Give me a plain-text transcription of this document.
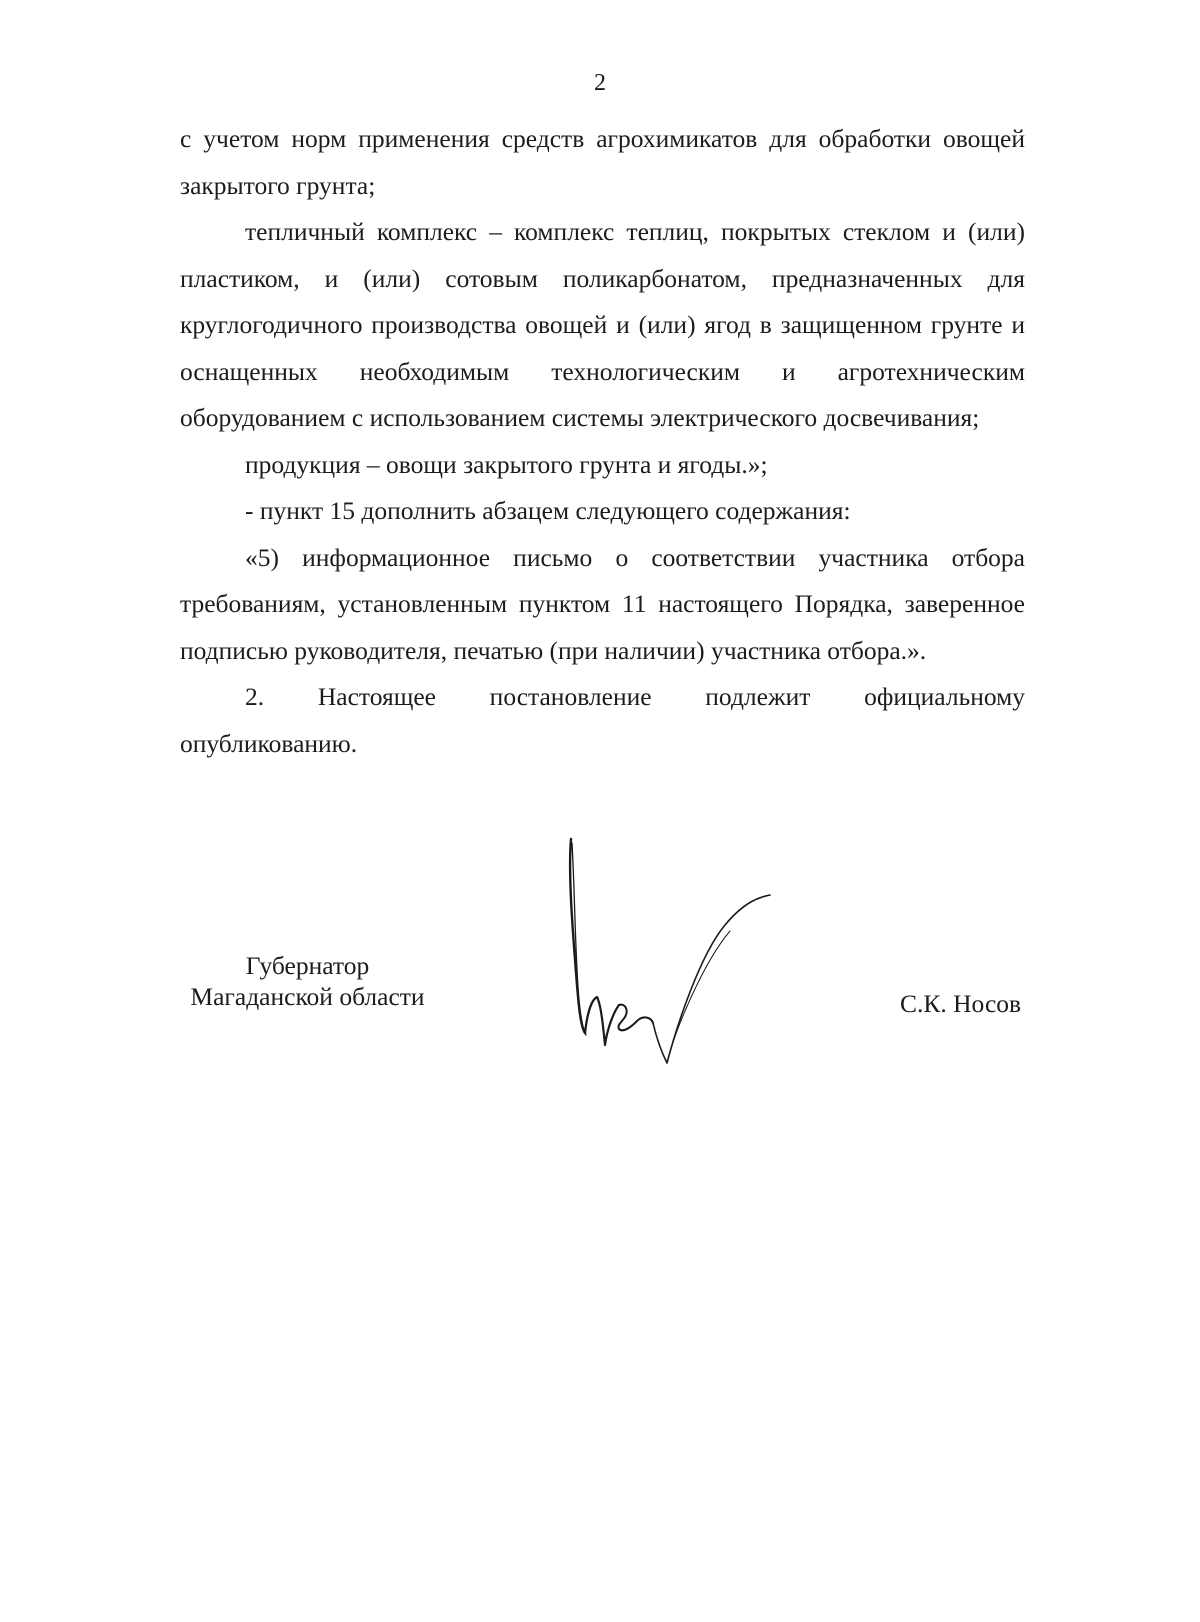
2

с учетом норм применения средств агрохимикатов для обработки овощей закрытого грунта;

тепличный комплекс – комплекс теплиц, покрытых стеклом и (или) пластиком, и (или) сотовым поликарбонатом, предназначенных для круглогодичного производства овощей и (или) ягод в защищенном грунте и оснащенных необходимым технологическим и агротехническим оборудованием с использованием системы электрического досвечивания;

продукция – овощи закрытого грунта и ягоды.»;

- пункт 15 дополнить абзацем следующего содержания:

«5) информационное письмо о соответствии участника отбора требованиям, установленным пунктом 11 настоящего Порядка, заверенное подписью руководителя, печатью (при наличии) участника отбора.».

2. Настоящее постановление подлежит официальному

опубликованию.

Губернатор
Магаданской области	С.К. Носов
